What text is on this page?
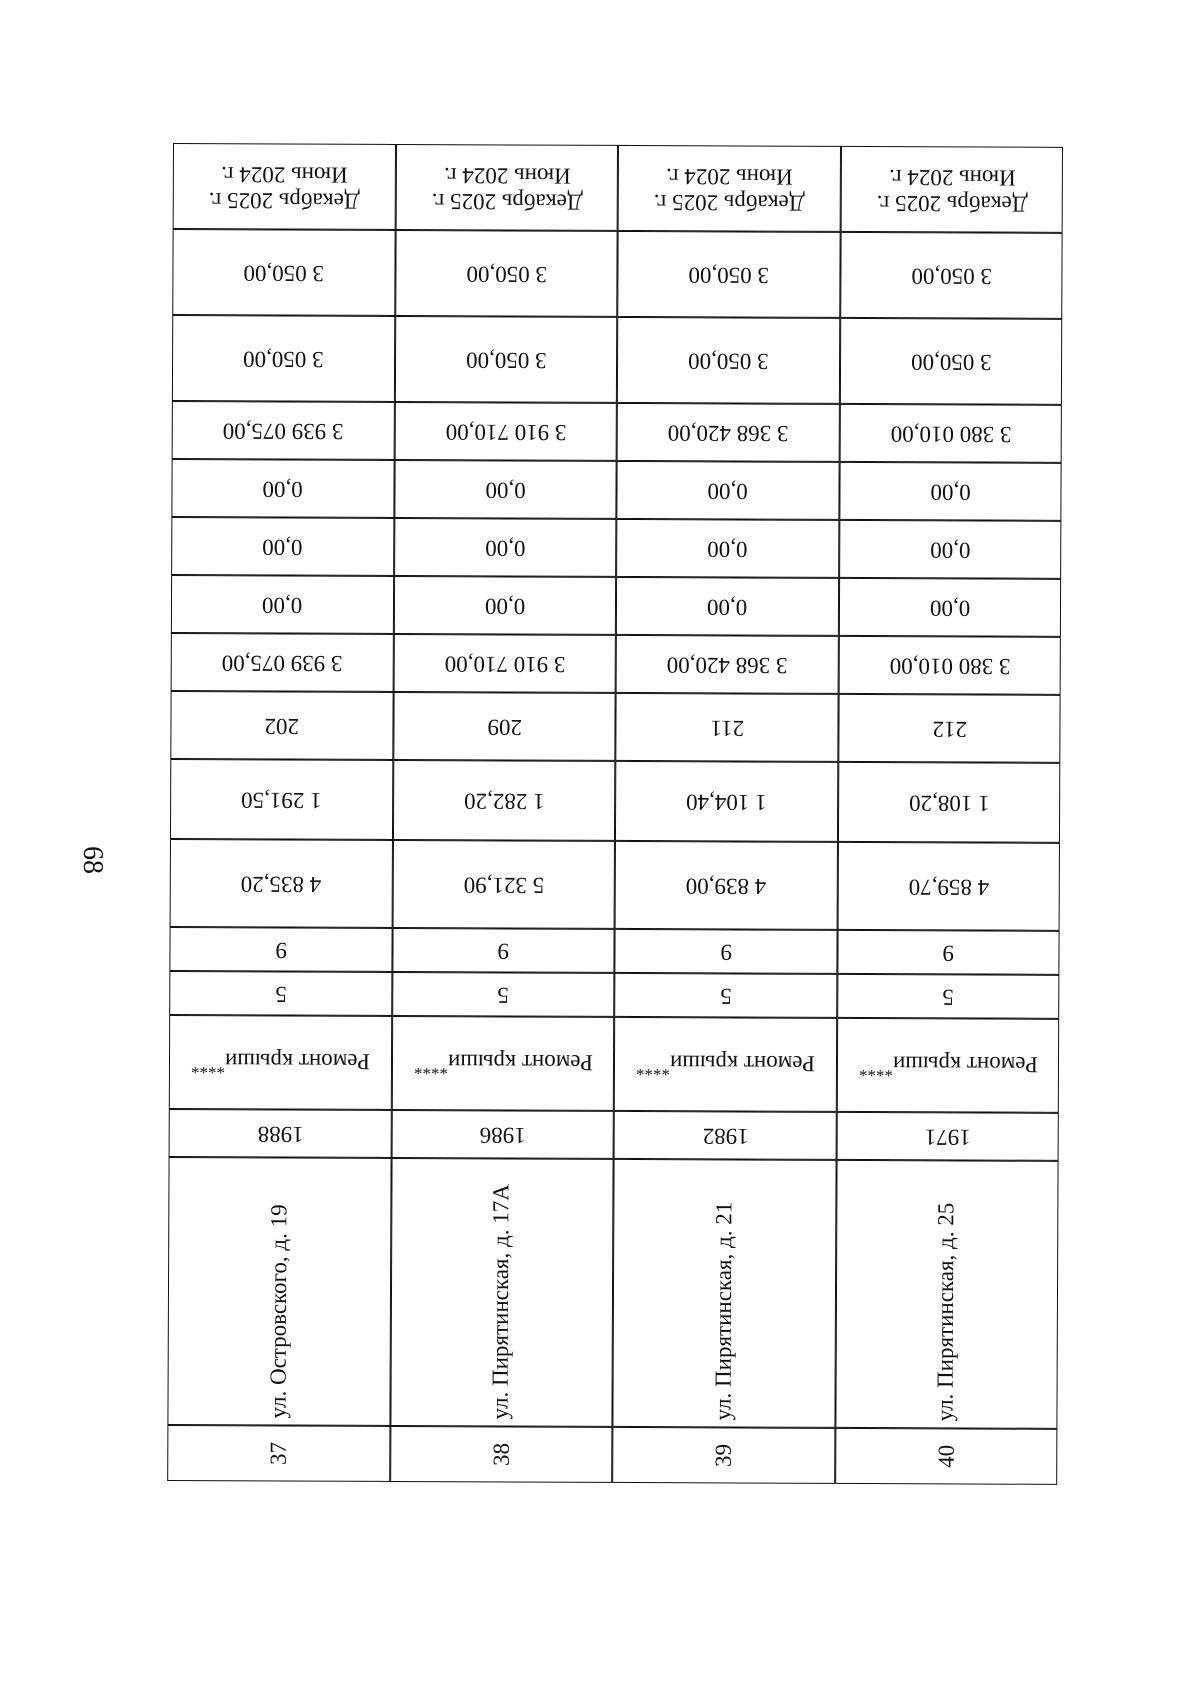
68
Декабрь 2025 г.
Июнь 2024 г.
3 050,00
3 050,00
3 939 075,00
0,00
0,00
0,00
3 939 075,00
202
1 291,50
4 835,20
9
5
Ремонт крыши****
1988
ул. Островского, д. 19
37
Декабрь 2025 г.
Июнь 2024 г.
3 050,00
3 050,00
3 910 710,00
0,00
0,00
0,00
3 910 710,00
209
1 282,20
5 321,90
9
5
Ремонт крыши****
1986
ул. Пирятинская, д. 17А
38
Декабрь 2025 г.
Июнь 2024 г.
3 050,00
3 050,00
3 368 420,00
0,00
0,00
0,00
3 368 420,00
211
1 104,40
4 839,00
9
5
Ремонт крыши****
1982
ул. Пирятинская, д. 21
39
Декабрь 2025 г.
Июнь 2024 г.
3 050,00
3 050,00
3 380 010,00
0,00
0,00
0,00
3 380 010,00
212
1 108,20
4 859,70
9
5
Ремонт крыши****
1971
ул. Пирятинская, д. 25
40
